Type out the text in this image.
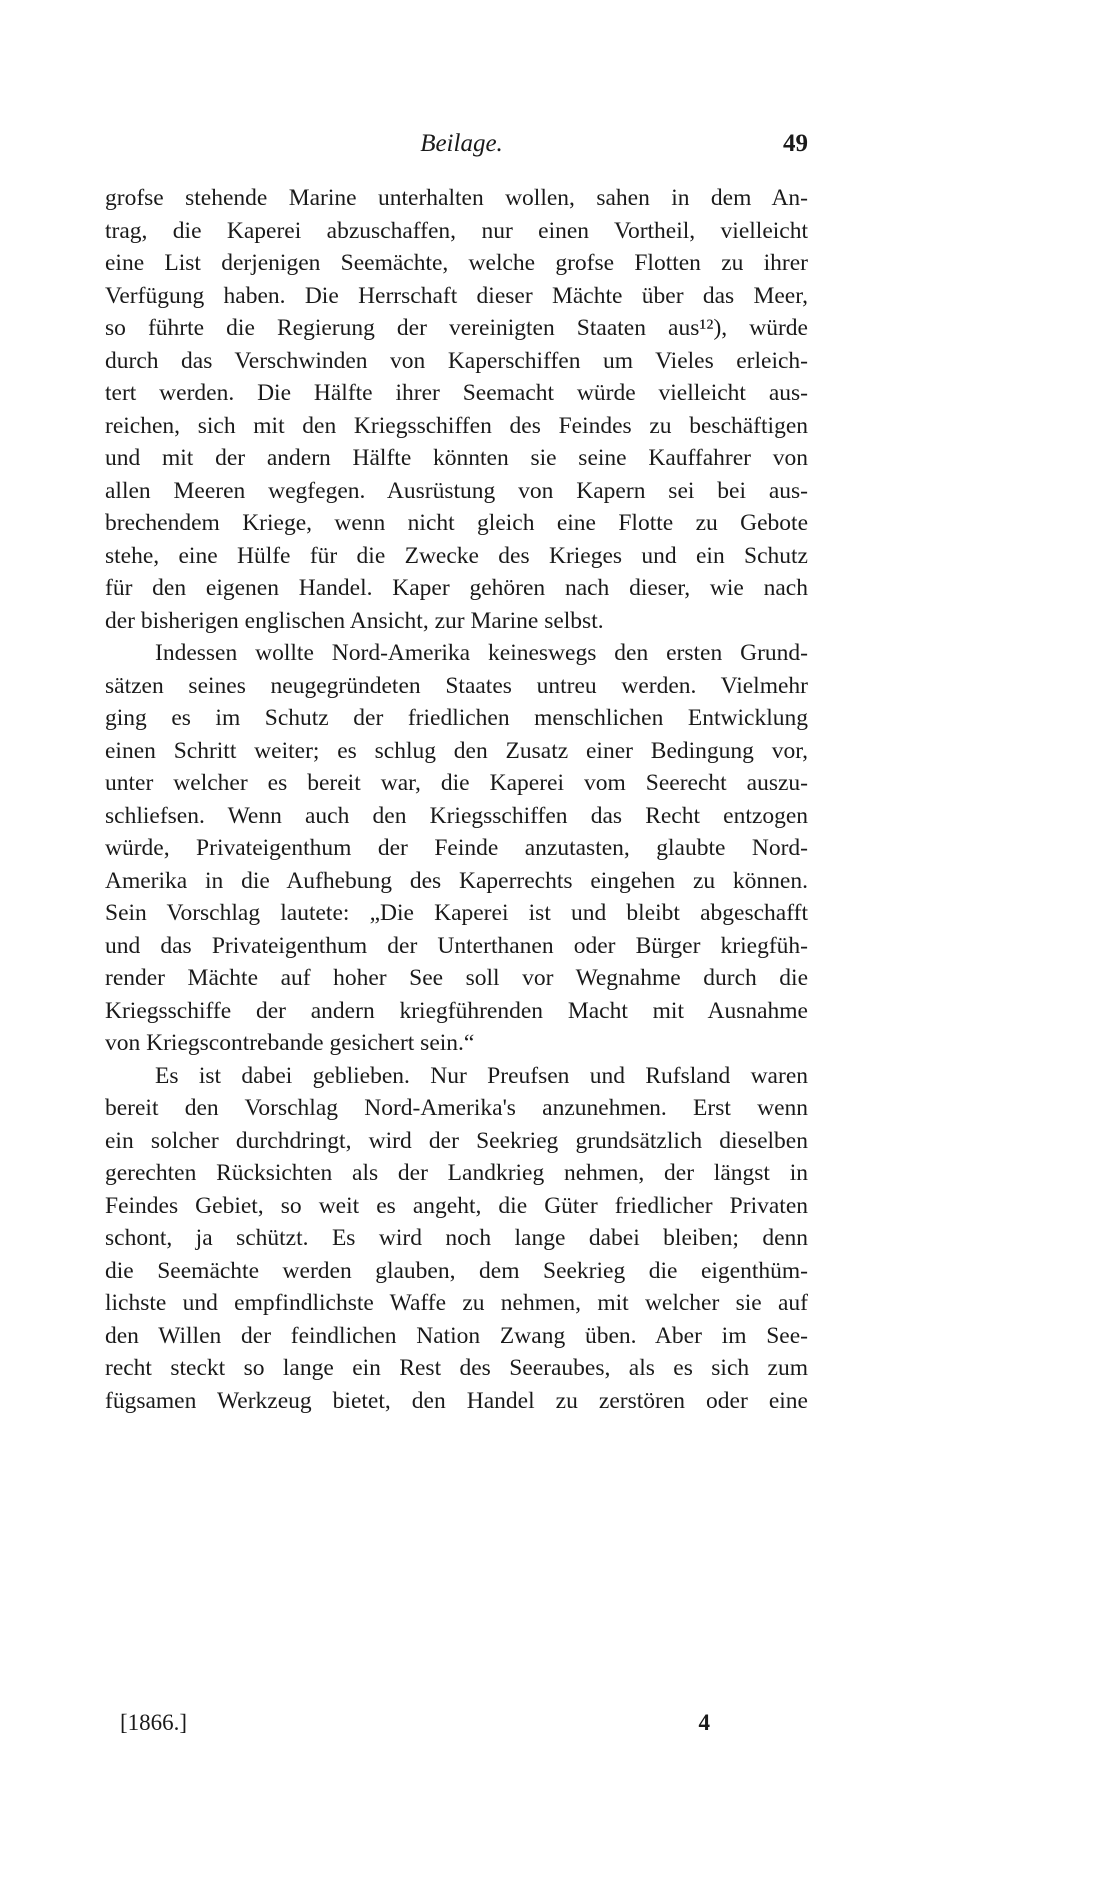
Beilage.	49
grofse stehende Marine unterhalten wollen, sahen in dem An-
trag, die Kaperei abzuschaffen, nur einen Vortheil, vielleicht
eine List derjenigen Seemächte, welche grofse Flotten zu ihrer
Verfügung haben. Die Herrschaft dieser Mächte über das Meer,
so führte die Regierung der vereinigten Staaten aus¹²), würde
durch das Verschwinden von Kaperschiffen um Vieles erleich-
tert werden. Die Hälfte ihrer Seemacht würde vielleicht aus-
reichen, sich mit den Kriegsschiffen des Feindes zu beschäftigen
und mit der andern Hälfte könnten sie seine Kauffahrer von
allen Meeren wegfegen. Ausrüstung von Kapern sei bei aus-
brechendem Kriege, wenn nicht gleich eine Flotte zu Gebote
stehe, eine Hülfe für die Zwecke des Krieges und ein Schutz
für den eigenen Handel. Kaper gehören nach dieser, wie nach
der bisherigen englischen Ansicht, zur Marine selbst.
Indessen wollte Nord-Amerika keineswegs den ersten Grund-
sätzen seines neugegründeten Staates untreu werden. Vielmehr
ging es im Schutz der friedlichen menschlichen Entwicklung
einen Schritt weiter; es schlug den Zusatz einer Bedingung vor,
unter welcher es bereit war, die Kaperei vom Seerecht auszu-
schliefsen. Wenn auch den Kriegsschiffen das Recht entzogen
würde, Privateigenthum der Feinde anzutasten, glaubte Nord-
Amerika in die Aufhebung des Kaperrechts eingehen zu können.
Sein Vorschlag lautete: „Die Kaperei ist und bleibt abgeschafft
und das Privateigenthum der Unterthanen oder Bürger kriegfüh-
render Mächte auf hoher See soll vor Wegnahme durch die
Kriegsschiffe der andern kriegführenden Macht mit Ausnahme
von Kriegscontrebande gesichert sein.“
Es ist dabei geblieben. Nur Preufsen und Rufsland waren
bereit den Vorschlag Nord-Amerika's anzunehmen. Erst wenn
ein solcher durchdringt, wird der Seekrieg grundsätzlich dieselben
gerechten Rücksichten als der Landkrieg nehmen, der längst in
Feindes Gebiet, so weit es angeht, die Güter friedlicher Privaten
schont, ja schützt. Es wird noch lange dabei bleiben; denn
die Seemächte werden glauben, dem Seekrieg die eigenthüm-
lichste und empfindlichste Waffe zu nehmen, mit welcher sie auf
den Willen der feindlichen Nation Zwang üben. Aber im See-
recht steckt so lange ein Rest des Seeraubes, als es sich zum
fügsamen Werkzeug bietet, den Handel zu zerstören oder eine
[1866.]	4
